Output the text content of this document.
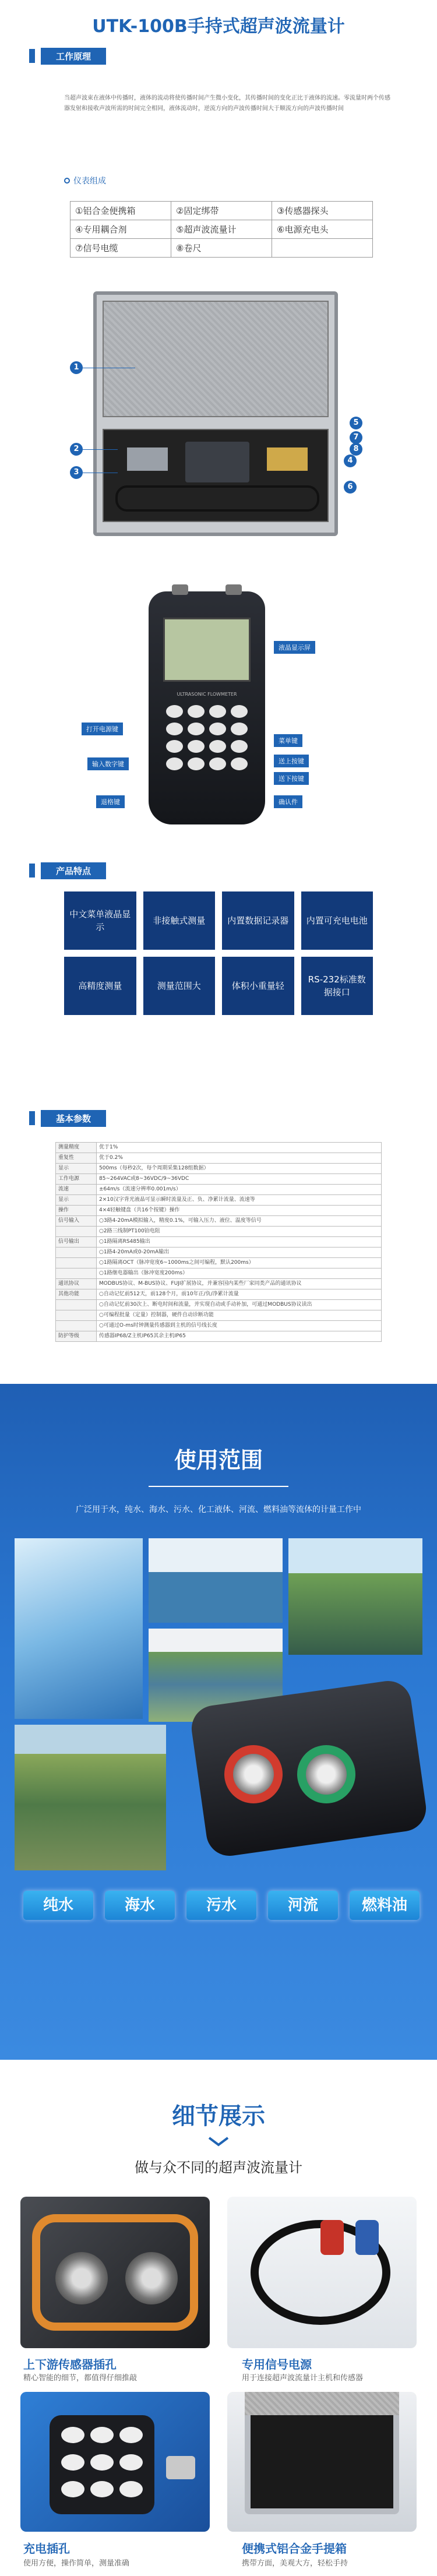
UTK-100B手持式超声波流量计
工作原理
当超声波束在液体中传播时，液体的流动将使传播时间产生微小变化，其传播时间的变化正比于液体的流速。零流量时两个传感器发射和接收声波所需的时间完全相同，液体流动时，逆流方向的声波传播时间大于顺流方向的声波传播时间
仪表组成
①铝合金便携箱	②固定绑带	③传感器探头
④专用耦合剂	⑤超声波流量计	⑥电源充电头
⑦信号电缆	⑧卷尺	
1
2
3
4
5
6
7
8
ULTRASONIC FLOWMETER
液晶显示屏
打开电源键
菜单键
输入数字键	送上按键
送下按键
退格键	确认件
产品特点
中文菜单液晶显示
非接触式测量	内置数据记录器	内置可充电电池
高精度测量	测量范围大	体积小重量轻
RS-232标准数据接口
基本参数
测量精度	优于1%
重复性	优于0.2%
显示	500ms（每秒2次，每个周期采集128组数据）
工作电源	85~264VAC或8~36VDC/9~36VDC
流速	±64m/s（流速分辨率0.001m/s）
显示	2×10汉字背光液晶可显示瞬时流量及正、负、净累计流量、流速等
操作	4×4轻触键盘（共16个按键）操作
信号输入	○3路4-20mA模拟输入，精度0.1%，可输入压力、液位、温度等信号
	○2路三线制PT100铂电阻
信号输出	○1路隔离RS485输出
	○1路4-20mA或0-20mA输出
	○1路隔离OCT（脉冲宽度6~1000ms之间可编程，默认200ms）
	○1路继电器输出（脉冲宽度200ms）
通讯协议	MODBUS协议、M-BUS协议、FUJI扩展协议，并兼容国内某些厂家同类产品的通讯协议
其他功能	○自动记忆前512天，前128个月，前10年正/负/净累计流量
	○自动记忆前30次上、断电时间和流量，并实现自动或手动补加，可通过MODBUS协议读出
	○可编程批量（定量）控制器，硬件自动诊断功能
	○可通过O-ms时钟测量传感器到主机的信号线长度
防护等级	传感器IP68/Z主机IP65其余主机IP65
使用范围
广泛用于水，纯水、海水、污水、化工液体、河流、燃料油等流体的计量工作中
纯水	海水	污水	河流	燃料油
细节展示
做与众不同的超声波流量计
上下游传感器插孔
精心智能的细节，都值得仔细推敲
专用信号电源
用于连接超声波流量计主机和传感器
充电插孔
使用方便，操作简单，测量准确
便携式铝合金手提箱
携带方面，美观大方，轻松手持
